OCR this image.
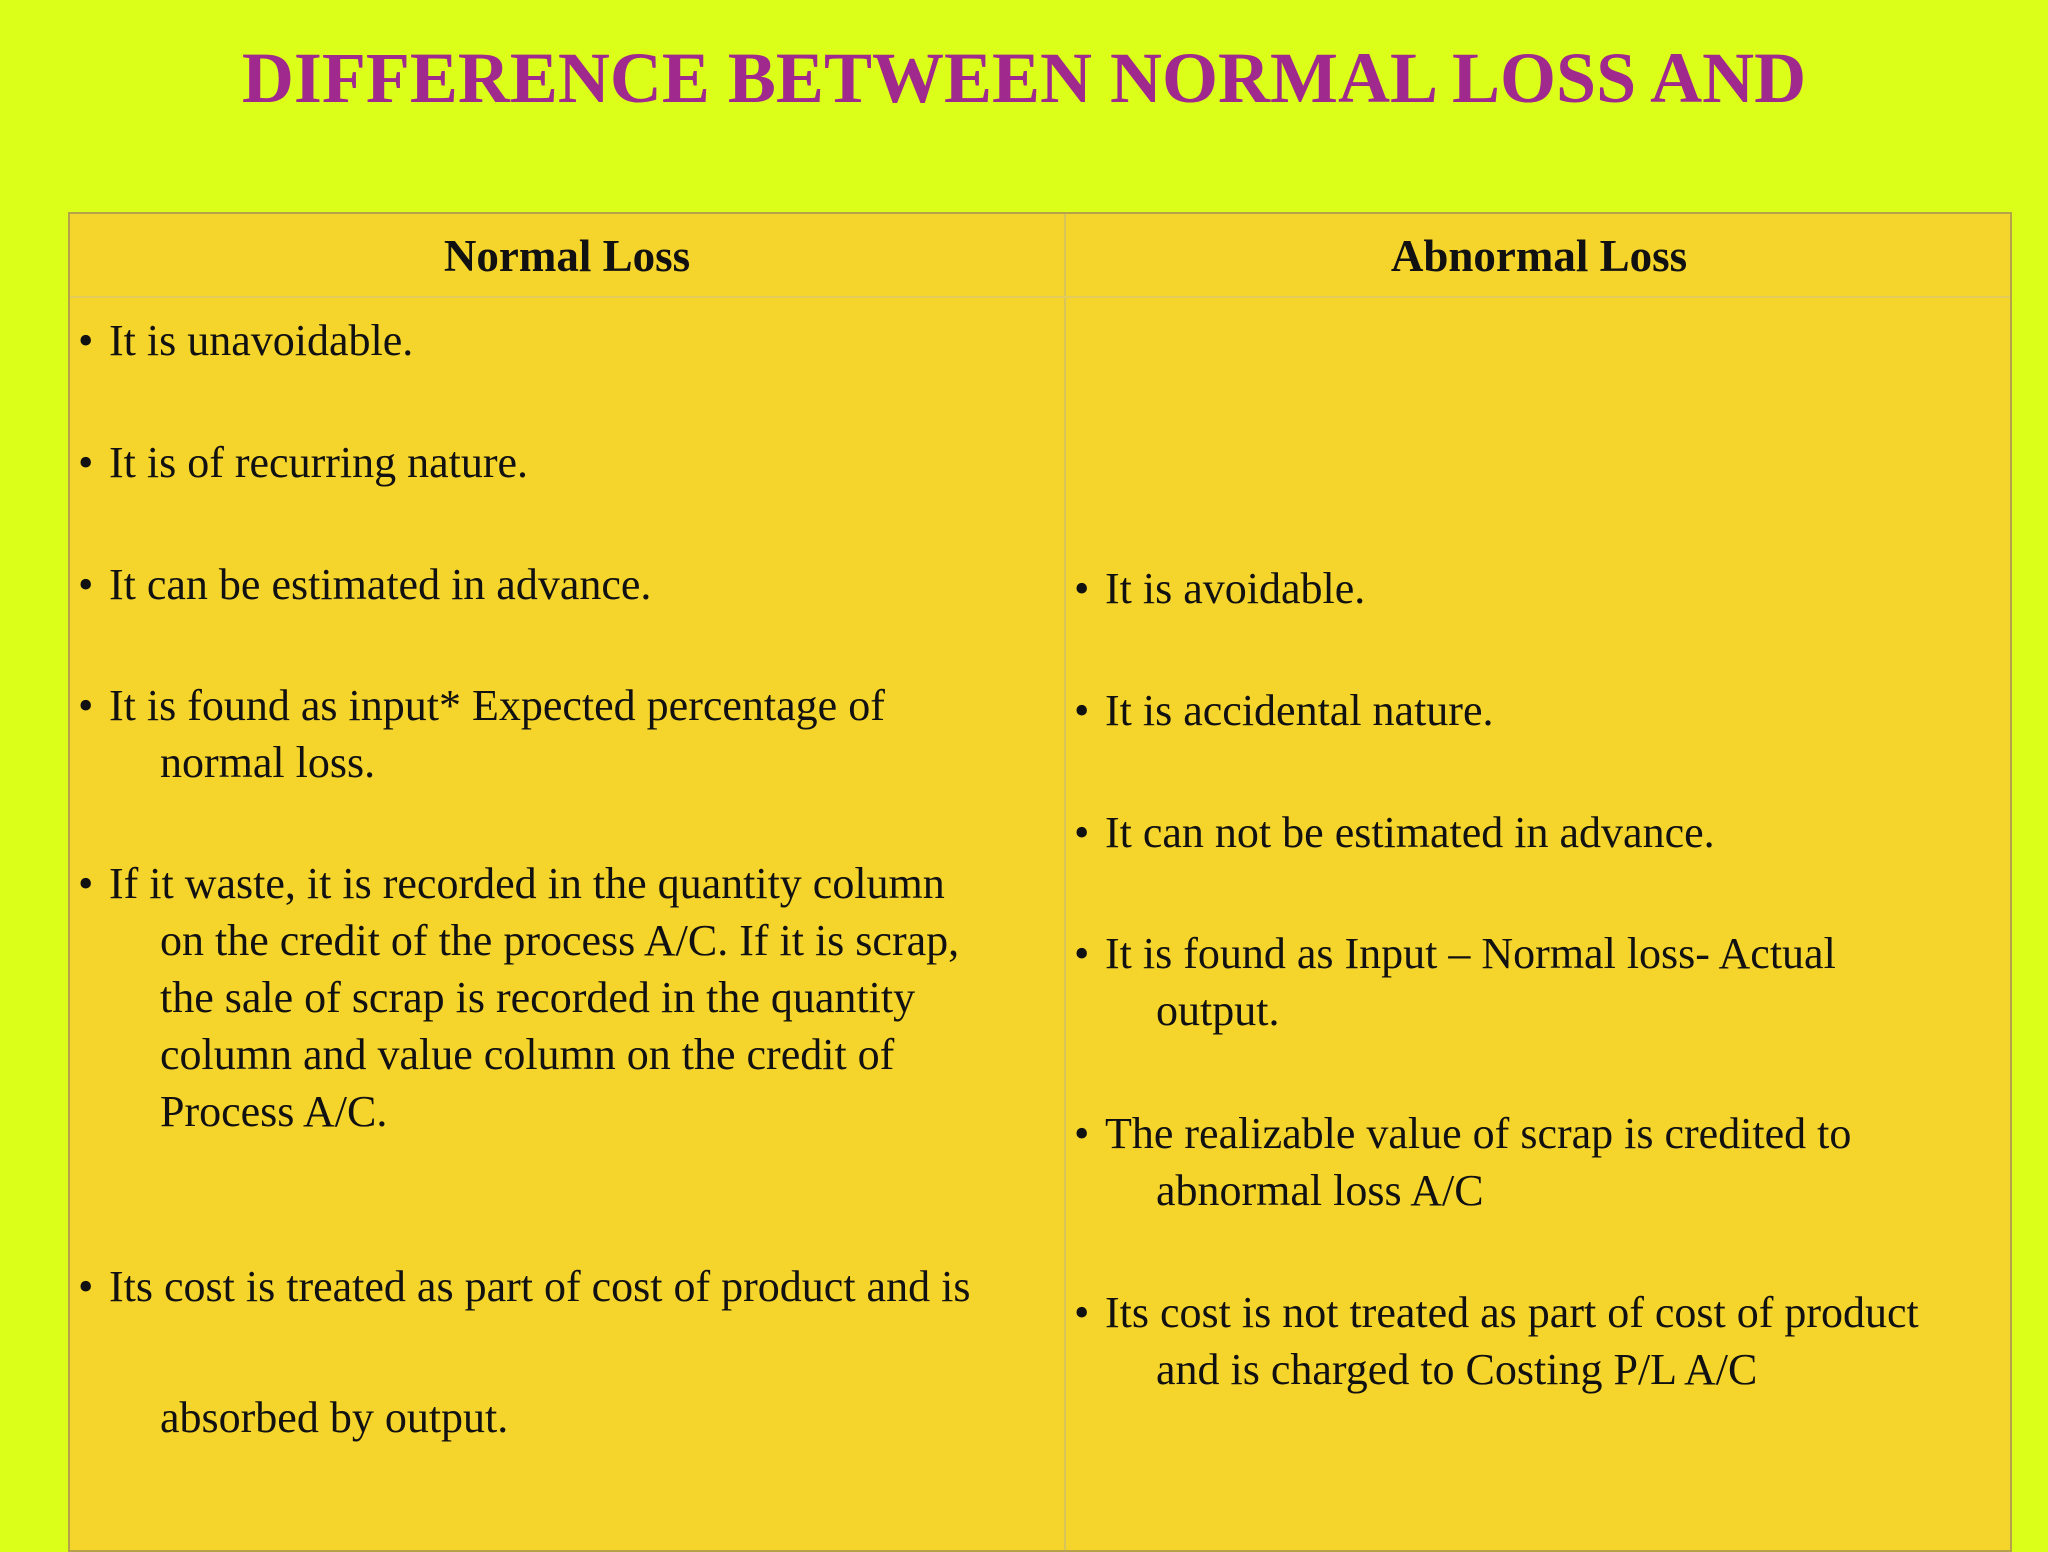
DIFFERENCE BETWEEN NORMAL LOSS AND
Normal Loss	Abnormal Loss
• It is unavoidable.
• It is of recurring nature.
• It can be estimated in advance.
• It is found as input* Expected percentage of
normal loss.
• If it waste, it is recorded in the quantity column
on the credit of the process A/C. If it is scrap,
the sale of scrap is recorded in the quantity
column and value column on the credit of
Process A/C.
• Its cost is treated as part of cost of product and is
absorbed by output.
• It is avoidable.
• It is accidental nature.
• It can not be estimated in advance.
• It is found as Input – Normal loss- Actual
output.
• The realizable value of scrap is credited to
abnormal loss A/C
• Its cost is not treated as part of cost of product
and is charged to Costing P/L A/C
